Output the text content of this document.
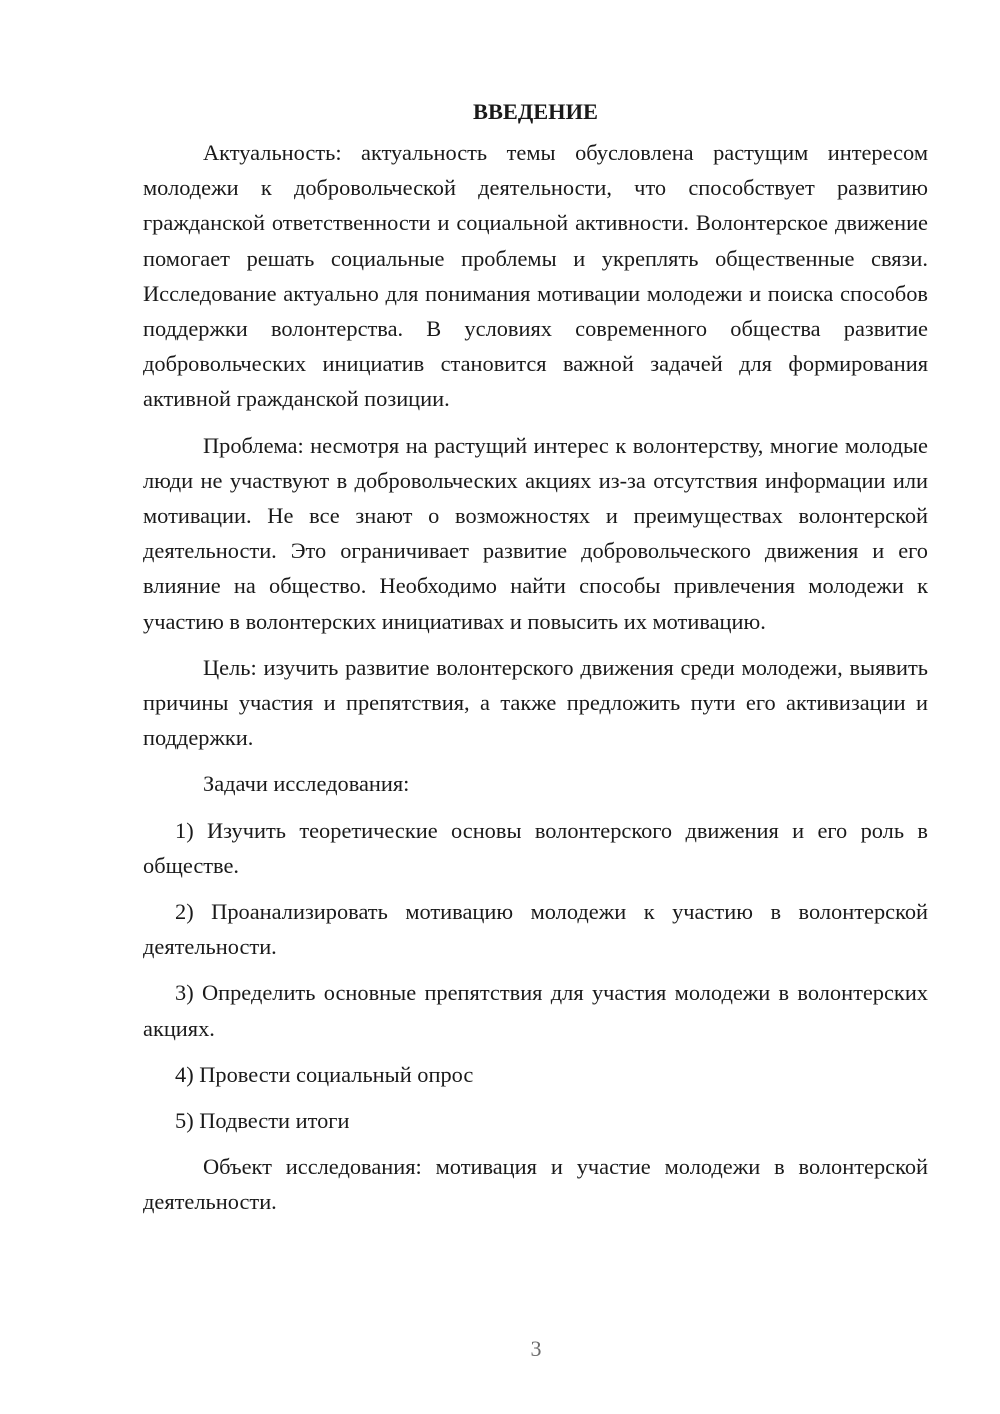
ВВЕДЕНИЕ

Актуальность: актуальность темы обусловлена растущим интересом молодежи к добровольческой деятельности, что способствует развитию гражданской ответственности и социальной активности. Волонтерское движение помогает решать социальные проблемы и укреплять общественные связи. Исследование актуально для понимания мотивации молодежи и поиска способов поддержки волонтерства. В условиях современного общества развитие добровольческих инициатив становится важной задачей для формирования активной гражданской позиции.

Проблема: несмотря на растущий интерес к волонтерству, многие молодые люди не участвуют в добровольческих акциях из-за отсутствия информации или мотивации. Не все знают о возможностях и преимуществах волонтерской деятельности. Это ограничивает развитие добровольческого движения и его влияние на общество. Необходимо найти способы привлечения молодежи к участию в волонтерских инициативах и повысить их мотивацию.

Цель: изучить развитие волонтерского движения среди молодежи, выявить причины участия и препятствия, а также предложить пути его активизации и поддержки.

Задачи исследования:

1) Изучить теоретические основы волонтерского движения и его роль в обществе.

2) Проанализировать мотивацию молодежи к участию в волонтерской деятельности.

3) Определить основные препятствия для участия молодежи в волонтерских акциях.

4) Провести социальный опрос

5) Подвести итоги

Объект исследования: мотивация и участие молодежи в волонтерской деятельности.

3
